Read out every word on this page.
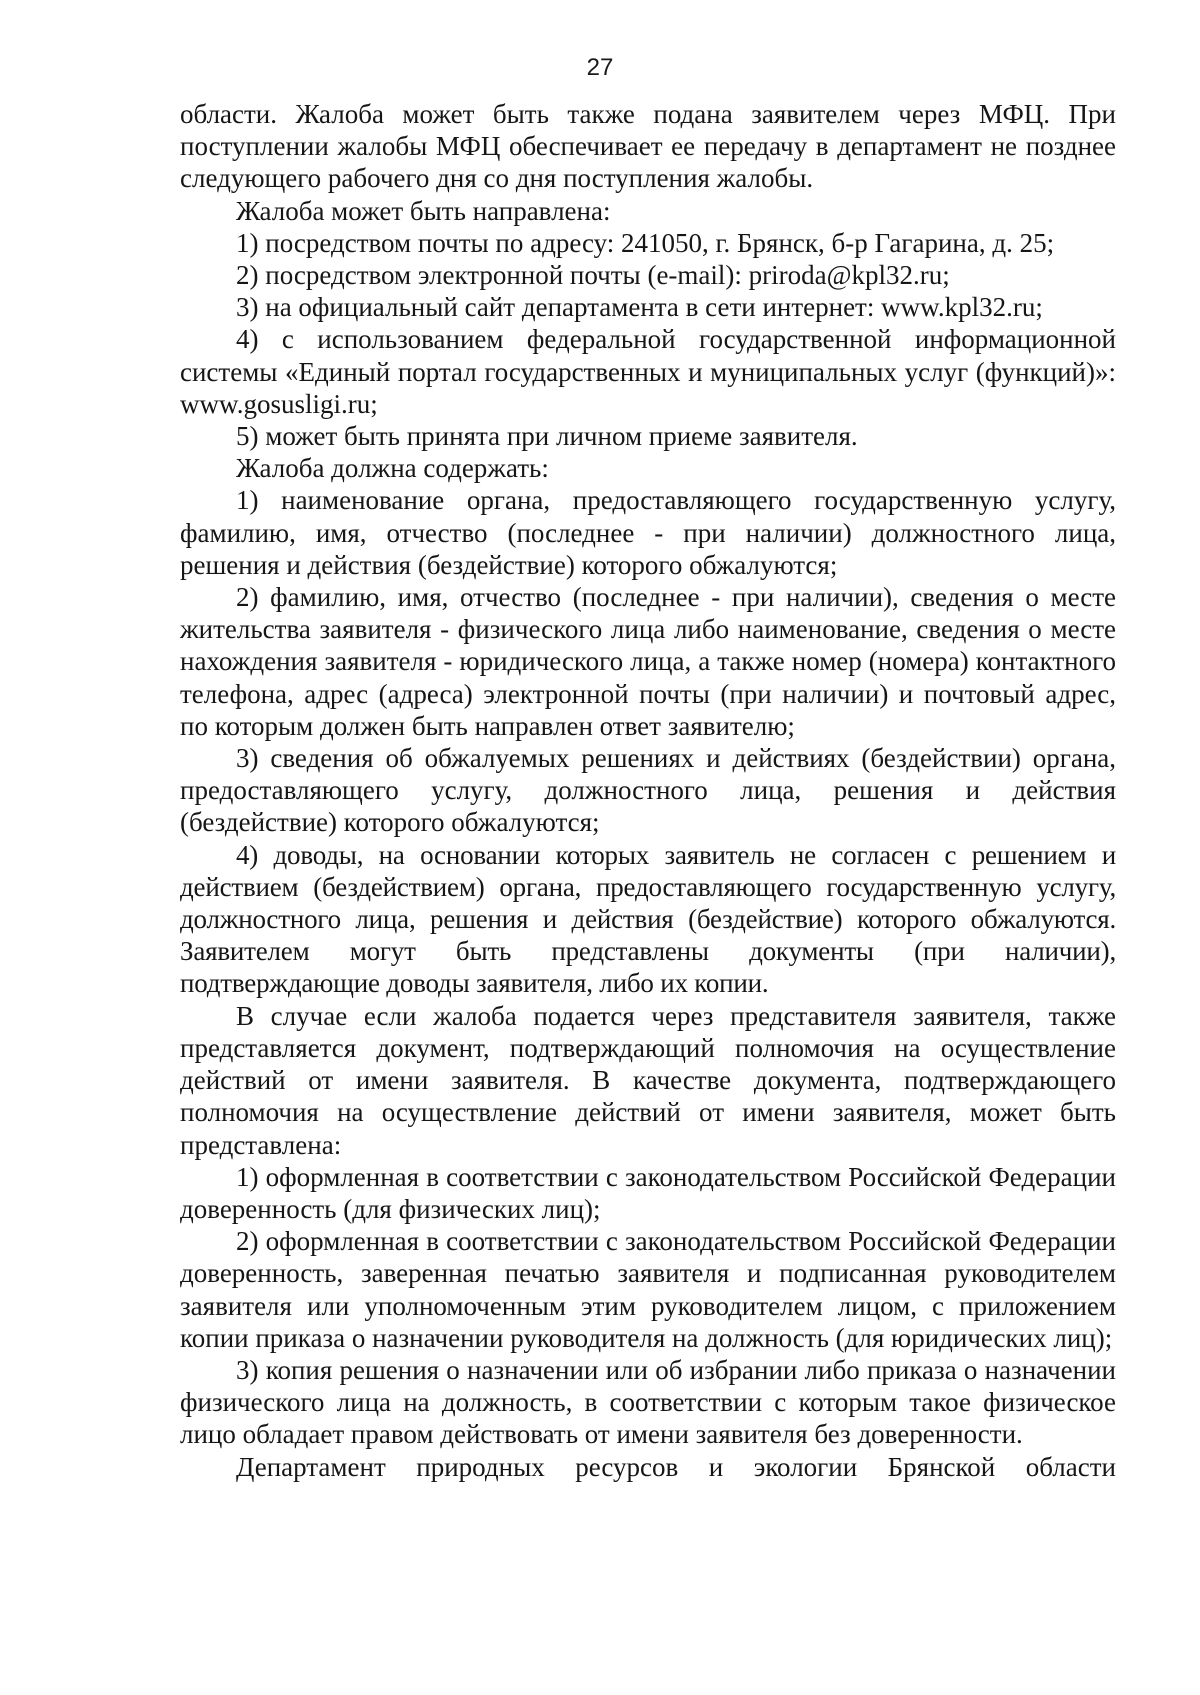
27

области. Жалоба может быть также подана заявителем через МФЦ. При поступлении жалобы МФЦ обеспечивает ее передачу в департамент не позднее следующего рабочего дня со дня поступления жалобы.

Жалоба может быть направлена:

1) посредством почты по адресу: 241050, г. Брянск, б-р Гагарина, д. 25;

2) посредством электронной почты (e-mail): priroda@kpl32.ru;

3) на официальный сайт департамента в сети интернет: www.kpl32.ru;

4) с использованием федеральной государственной информационной системы «Единый портал государственных и муниципальных услуг (функций)»: www.gosusligi.ru;

5) может быть принята при личном приеме заявителя.

Жалоба должна содержать:

1) наименование органа, предоставляющего государственную услугу, фамилию, имя, отчество (последнее - при наличии) должностного лица, решения и действия (бездействие) которого обжалуются;

2) фамилию, имя, отчество (последнее - при наличии), сведения о месте жительства заявителя - физического лица либо наименование, сведения о месте нахождения заявителя - юридического лица, а также номер (номера) контактного телефона, адрес (адреса) электронной почты (при наличии) и почтовый адрес, по которым должен быть направлен ответ заявителю;

3) сведения об обжалуемых решениях и действиях (бездействии) органа, предоставляющего услугу, должностного лица, решения и действия (бездействие) которого обжалуются;

4) доводы, на основании которых заявитель не согласен с решением и действием (бездействием) органа, предоставляющего государственную услугу, должностного лица, решения и действия (бездействие) которого обжалуются. Заявителем могут быть представлены документы (при наличии), подтверждающие доводы заявителя, либо их копии.

В случае если жалоба подается через представителя заявителя, также представляется документ, подтверждающий полномочия на осуществление действий от имени заявителя. В качестве документа, подтверждающего полномочия на осуществление действий от имени заявителя, может быть представлена:

1) оформленная в соответствии с законодательством Российской Федерации доверенность (для физических лиц);

2) оформленная в соответствии с законодательством Российской Федерации доверенность, заверенная печатью заявителя и подписанная руководителем заявителя или уполномоченным этим руководителем лицом, с приложением копии приказа о назначении руководителя на должность (для юридических лиц);

3) копия решения о назначении или об избрании либо приказа о назначении физического лица на должность, в соответствии с которым такое физическое лицо обладает правом действовать от имени заявителя без доверенности.

Департамент природных ресурсов и экологии Брянской области
